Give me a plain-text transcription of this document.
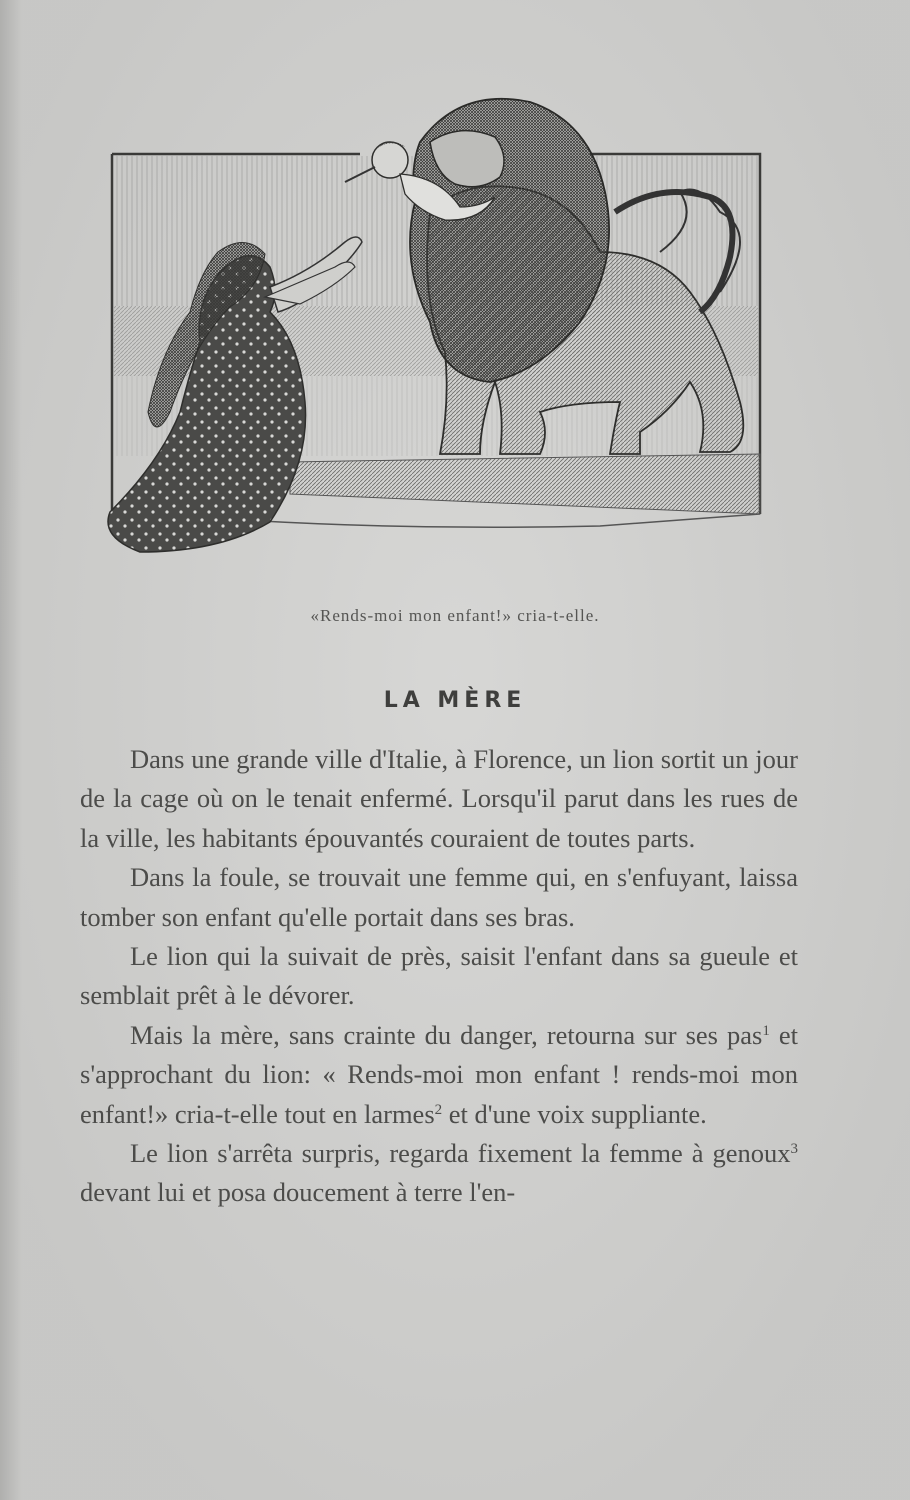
«Rends-moi mon enfant!» cria-t-elle.
LA MÈRE

Dans une grande ville d'Italie, à Florence, un lion sortit un jour de la cage où on le tenait enfermé. Lorsqu'il parut dans les rues de la ville, les habitants épouvantés couraient de toutes parts.

Dans la foule, se trouvait une femme qui, en s'enfuyant, laissa tomber son enfant qu'elle portait dans ses bras.

Le lion qui la suivait de près, saisit l'enfant dans sa gueule et semblait prêt à le dévorer.

Mais la mère, sans crainte du danger, retourna sur ses pas$^1$ et s'approchant du lion: « Rends-moi mon enfant ! rends-moi mon enfant!» cria-t-elle tout en larmes$^2$ et d'une voix suppliante.

Le lion s'arrêta surpris, regarda fixement la femme à genoux$^3$ devant lui et posa doucement à terre l'en-
